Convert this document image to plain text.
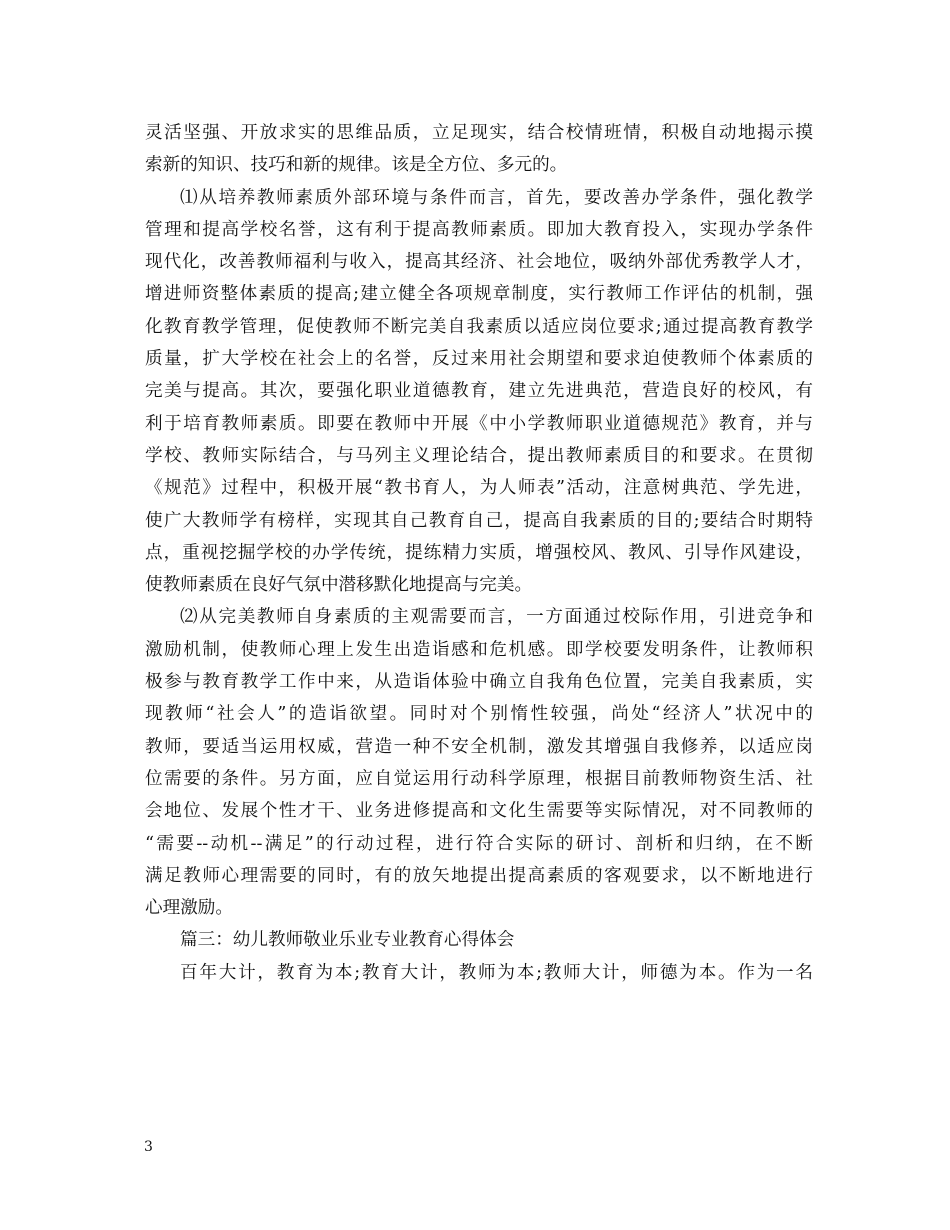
灵活坚强、开放求实的思维品质，立足现实，结合校情班情，积极自动地揭示摸
索新的知识、技巧和新的规律。该是全方位、多元的。
⑴从培养教师素质外部环境与条件而言，首先，要改善办学条件，强化教学
管理和提高学校名誉，这有利于提高教师素质。即加大教育投入，实现办学条件
现代化，改善教师福利与收入，提高其经济、社会地位，吸纳外部优秀教学人才，
增进师资整体素质的提高;建立健全各项规章制度，实行教师工作评估的机制，强
化教育教学管理，促使教师不断完美自我素质以适应岗位要求;通过提高教育教学
质量，扩大学校在社会上的名誉，反过来用社会期望和要求迫使教师个体素质的
完美与提高。其次，要强化职业道德教育，建立先进典范，营造良好的校风，有
利于培育教师素质。即要在教师中开展《中小学教师职业道德规范》教育，并与
学校、教师实际结合，与马列主义理论结合，提出教师素质目的和要求。在贯彻
《规范》过程中，积极开展“教书育人，为人师表”活动，注意树典范、学先进，
使广大教师学有榜样，实现其自己教育自己，提高自我素质的目的;要结合时期特
点，重视挖掘学校的办学传统，提练精力实质，增强校风、教风、引导作风建设，
使教师素质在良好气氛中潜移默化地提高与完美。
⑵从完美教师自身素质的主观需要而言，一方面通过校际作用，引进竞争和
激励机制，使教师心理上发生出造诣感和危机感。即学校要发明条件，让教师积
极参与教育教学工作中来，从造诣体验中确立自我角色位置，完美自我素质，实
现教师“社会人”的造诣欲望。同时对个别惰性较强，尚处“经济人”状况中的
教师，要适当运用权威，营造一种不安全机制，激发其增强自我修养，以适应岗
位需要的条件。另方面，应自觉运用行动科学原理，根据目前教师物资生活、社
会地位、发展个性才干、业务进修提高和文化生需要等实际情况，对不同教师的
“需要--动机--满足”的行动过程，进行符合实际的研讨、剖析和归纳，在不断
满足教师心理需要的同时，有的放矢地提出提高素质的客观要求，以不断地进行
心理激励。
篇三：幼儿教师敬业乐业专业教育心得体会
百年大计，教育为本;教育大计，教师为本;教师大计，师德为本。作为一名
3
